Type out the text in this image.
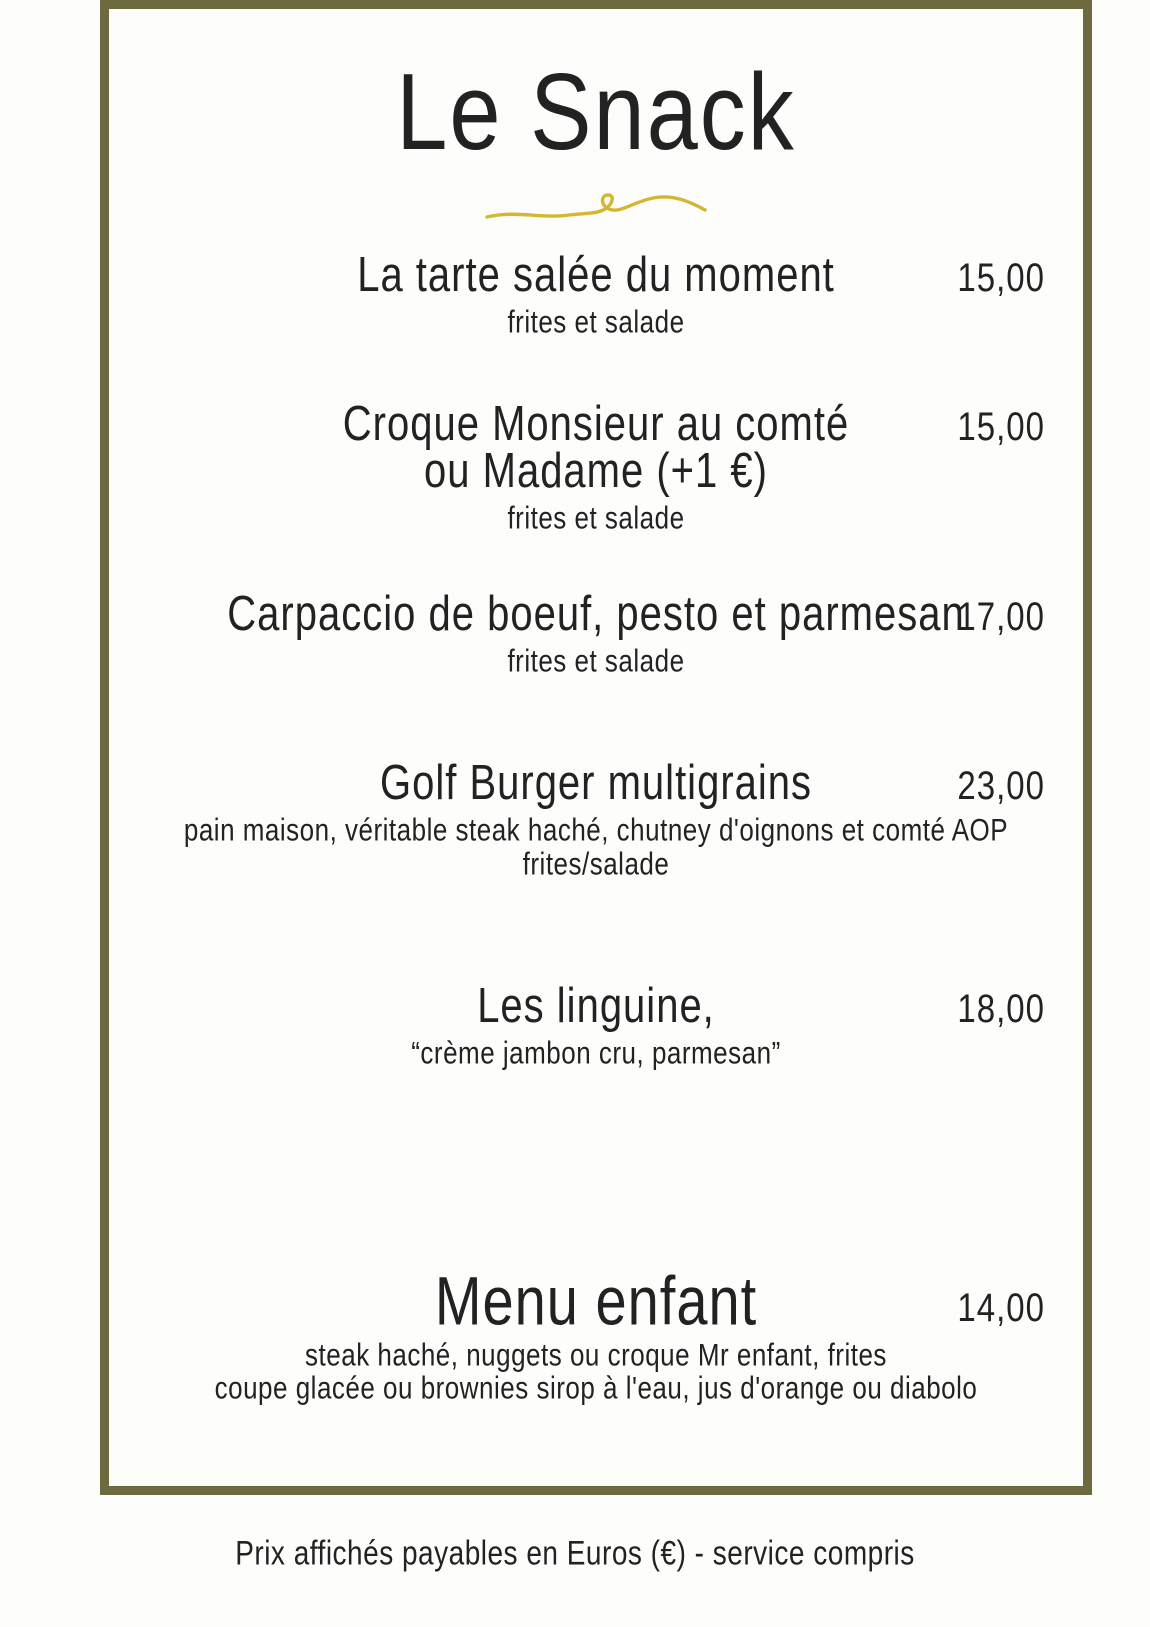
Le Snack
La tarte salée du moment
frites et salade
15,00
Croque Monsieur au comté
ou Madame (+1 €)
frites et salade
15,00
Carpaccio de boeuf, pesto et parmesan
frites et salade
17,00
Golf Burger multigrains
pain maison, véritable steak haché, chutney d'oignons et comté AOP
frites/salade
23,00
Les linguine,
“crème jambon cru, parmesan”
18,00
Menu enfant
steak haché, nuggets ou croque Mr enfant, frites
coupe glacée ou brownies sirop à l'eau, jus d'orange ou diabolo
14,00
Prix affichés payables en Euros (€) - service compris
